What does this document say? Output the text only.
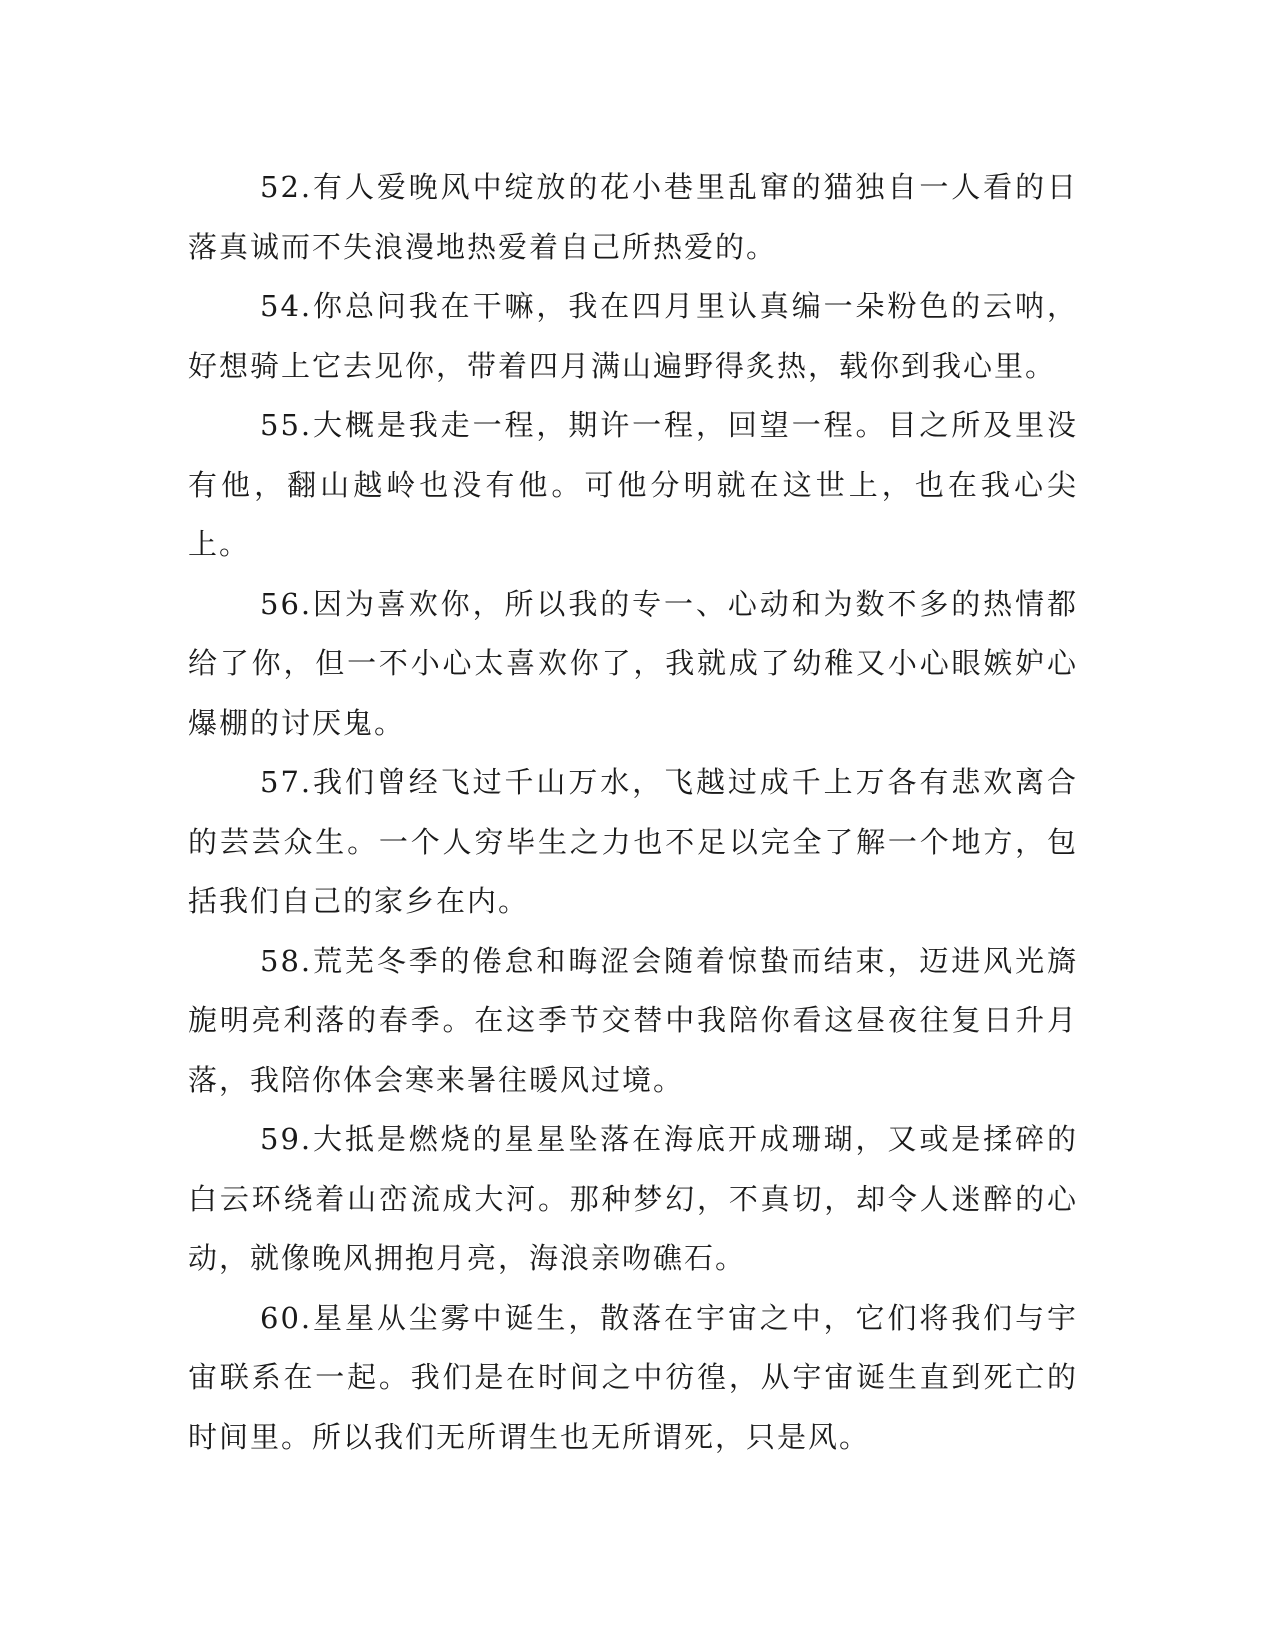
52.有人爱晚风中绽放的花小巷里乱窜的猫独自一人看的日落真诚而不失浪漫地热爱着自己所热爱的。

54.你总问我在干嘛，我在四月里认真编一朵粉色的云呐，好想骑上它去见你，带着四月满山遍野得炙热，载你到我心里。

55.大概是我走一程，期许一程，回望一程。目之所及里没有他，翻山越岭也没有他。可他分明就在这世上，也在我心尖上。

56.因为喜欢你，所以我的专一、心动和为数不多的热情都给了你，但一不小心太喜欢你了，我就成了幼稚又小心眼嫉妒心爆棚的讨厌鬼。

57.我们曾经飞过千山万水，飞越过成千上万各有悲欢离合的芸芸众生。一个人穷毕生之力也不足以完全了解一个地方，包括我们自己的家乡在内。

58.荒芜冬季的倦怠和晦涩会随着惊蛰而结束，迈进风光旖旎明亮利落的春季。在这季节交替中我陪你看这昼夜往复日升月落，我陪你体会寒来暑往暖风过境。

59.大抵是燃烧的星星坠落在海底开成珊瑚，又或是揉碎的白云环绕着山峦流成大河。那种梦幻，不真切，却令人迷醉的心动，就像晚风拥抱月亮，海浪亲吻礁石。

60.星星从尘雾中诞生，散落在宇宙之中，它们将我们与宇宙联系在一起。我们是在时间之中彷徨，从宇宙诞生直到死亡的时间里。所以我们无所谓生也无所谓死，只是风。
